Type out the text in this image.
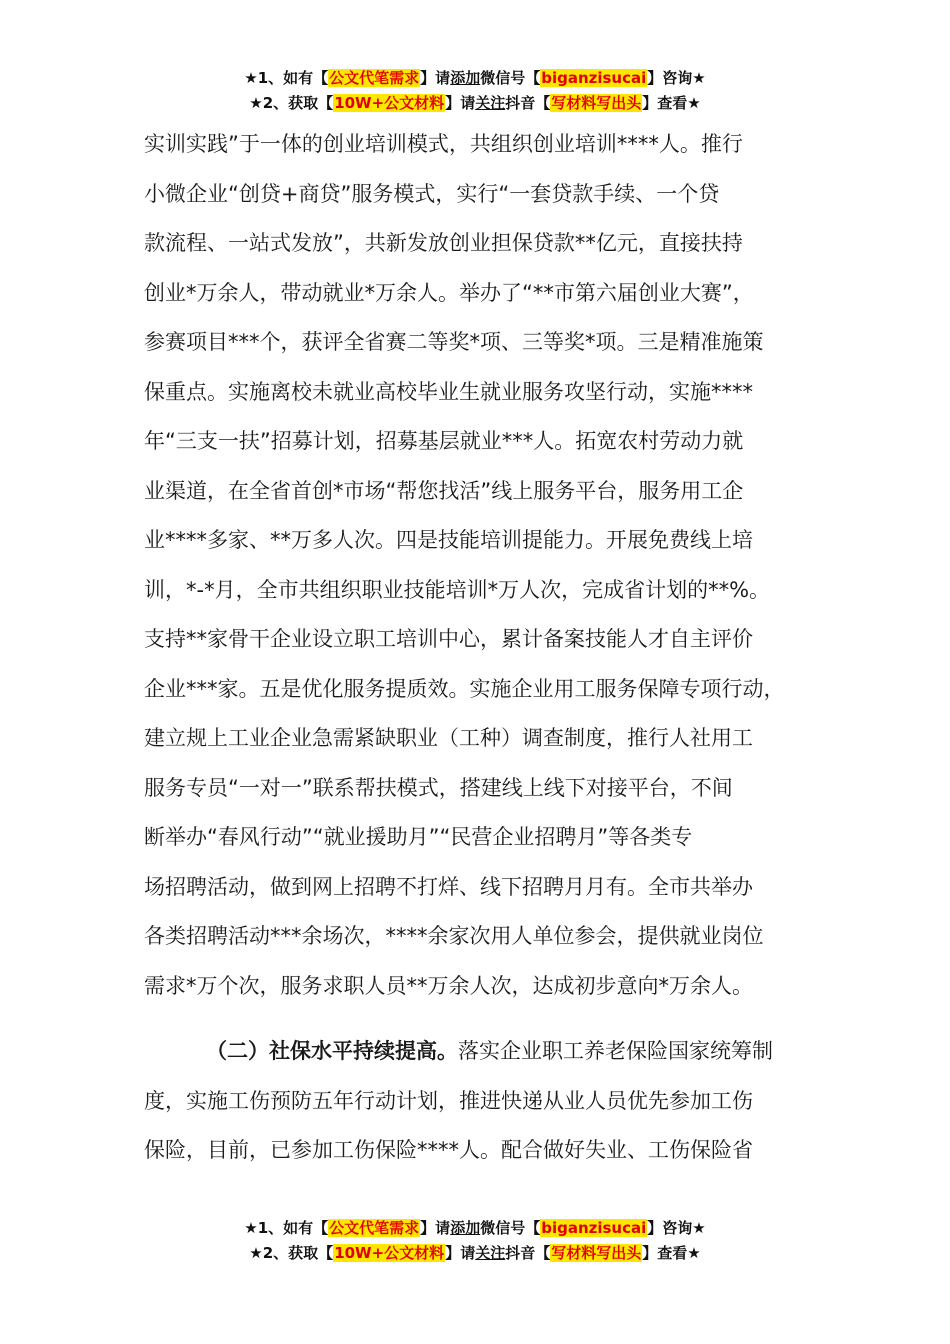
★1、如有【公文代笔需求】请添加微信号【biganzisucai】咨询★
★2、获取【10W+公文材料】请关注抖音【写材料写出头】查看★
实训实践”于一体的创业培训模式，共组织创业培训****人。推行
小微企业“创贷+商贷”服务模式，实行“一套贷款手续、一个贷
款流程、一站式发放”，共新发放创业担保贷款**亿元，直接扶持
创业*万余人，带动就业*万余人。举办了“**市第六届创业大赛”，
参赛项目***个，获评全省赛二等奖*项、三等奖*项。三是精准施策
保重点。实施离校未就业高校毕业生就业服务攻坚行动，实施****
年“三支一扶”招募计划，招募基层就业***人。拓宽农村劳动力就
业渠道，在全省首创*市场“帮您找活”线上服务平台，服务用工企
业****多家、**万多人次。四是技能培训提能力。开展免费线上培
训，*-*月，全市共组织职业技能培训*万人次，完成省计划的**%。
支持**家骨干企业设立职工培训中心，累计备案技能人才自主评价
企业***家。五是优化服务提质效。实施企业用工服务保障专项行动，
建立规上工业企业急需紧缺职业（工种）调查制度，推行人社用工
服务专员“一对一”联系帮扶模式，搭建线上线下对接平台，不间
断举办“春风行动”“就业援助月”“民营企业招聘月”等各类专
场招聘活动，做到网上招聘不打烊、线下招聘月月有。全市共举办
各类招聘活动***余场次，****余家次用人单位参会，提供就业岗位
需求*万个次，服务求职人员**万余人次，达成初步意向*万余人。
（二）社保水平持续提高。落实企业职工养老保险国家统筹制
度，实施工伤预防五年行动计划，推进快递从业人员优先参加工伤
保险，目前，已参加工伤保险****人。配合做好失业、工伤保险省
★1、如有【公文代笔需求】请添加微信号【biganzisucai】咨询★
★2、获取【10W+公文材料】请关注抖音【写材料写出头】查看★
